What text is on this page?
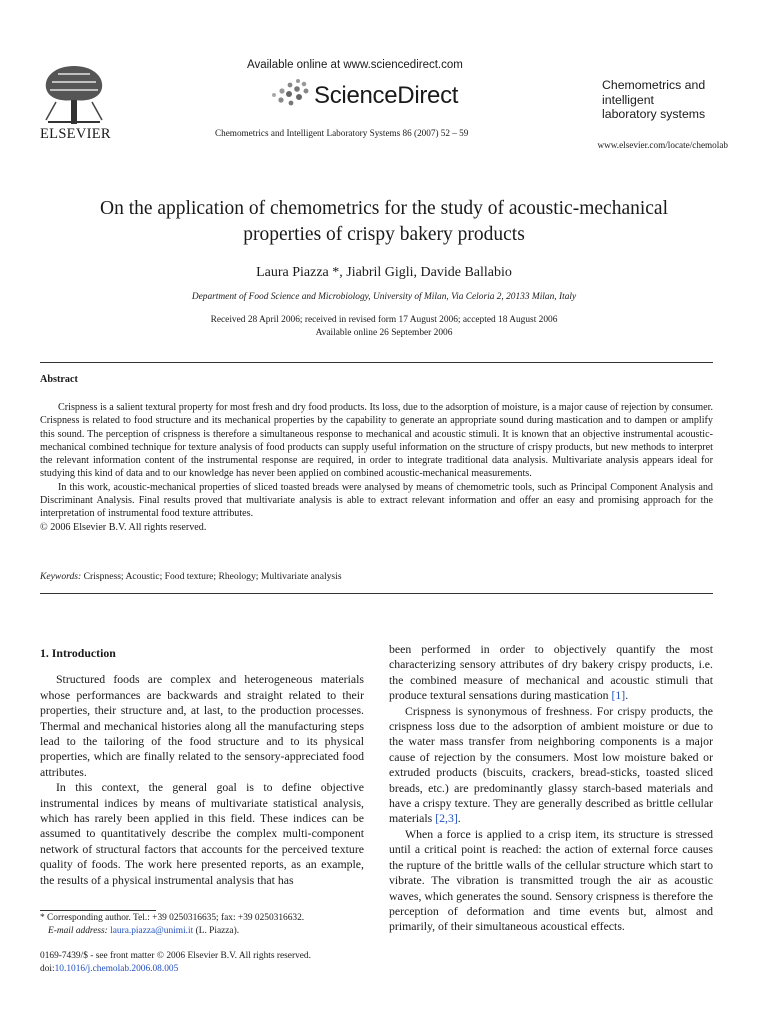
ELSEVIER
Available online at www.sciencedirect.com
ScienceDirect
Chemometrics and Intelligent Laboratory Systems 86 (2007) 52 – 59
Chemometrics and
intelligent
laboratory systems
www.elsevier.com/locate/chemolab
On the application of chemometrics for the study of acoustic-mechanical
properties of crispy bakery products
Laura Piazza *, Jiabril Gigli, Davide Ballabio
Department of Food Science and Microbiology, University of Milan, Via Celoria 2, 20133 Milan, Italy
Received 28 April 2006; received in revised form 17 August 2006; accepted 18 August 2006
Available online 26 September 2006
Abstract

Crispness is a salient textural property for most fresh and dry food products. Its loss, due to the adsorption of moisture, is a major cause of rejection by consumer. Crispness is related to food structure and its mechanical properties by the capability to generate an appropriate sound during mastication and to dampen or amplify this sound. The perception of crispness is therefore a simultaneous response to mechanical and acoustic stimuli. It is known that an objective instrumental acoustic-mechanical combined technique for texture analysis of food products can supply useful information on the structure of crispy products, but new methods to interpret the relevant information content of the instrumental response are required, in order to integrate traditional data analysis. Multivariate analysis appears ideal for studying this kind of data and to our knowledge has never been applied on combined acoustic-mechanical measurements.

In this work, acoustic-mechanical properties of sliced toasted breads were analysed by means of chemometric tools, such as Principal Component Analysis and Discriminant Analysis. Final results proved that multivariate analysis is able to extract relevant information and offer an easy and promising approach for the interpretation of instrumental food texture attributes.

© 2006 Elsevier B.V. All rights reserved.

Keywords: Crispness; Acoustic; Food texture; Rheology; Multivariate analysis

1. Introduction

Structured foods are complex and heterogeneous materials whose performances are backwards and straight related to their properties, their structure and, at last, to the production processes. Thermal and mechanical histories along all the manufacturing steps lead to the tailoring of the food structure and to its physical properties, which are finally related to the sensory-appreciated food attributes.

In this context, the general goal is to define objective instrumental indices by means of multivariate statistical analysis, which has rarely been applied in this field. These indices can be assumed to quantitatively describe the complex multi-component network of structural factors that accounts for the perceived texture quality of foods. The work here presented reports, as an example, the results of a physical instrumental analysis that has

been performed in order to objectively quantify the most characterizing sensory attributes of dry bakery crispy products, i.e. the combined measure of mechanical and acoustic stimuli that produce textural sensations during mastication [1].

Crispness is synonymous of freshness. For crispy products, the crispness loss due to the adsorption of ambient moisture or due to the water mass transfer from neighboring components is a major cause of rejection by the consumers. Most low moisture baked or extruded products (biscuits, crackers, bread-sticks, toasted sliced breads, etc.) are predominantly glassy starch-based materials and have a crispy texture. They are generally described as brittle cellular materials [2,3].

When a force is applied to a crisp item, its structure is stressed until a critical point is reached: the action of external force causes the rupture of the brittle walls of the cellular structure which start to vibrate. The vibration is transmitted trough the air as acoustic waves, which generates the sound. Sensory crispness is therefore the perception of deformation and time events but, almost and primarily, of their simultaneous acoustical effects.

* Corresponding author. Tel.: +39 0250316635; fax: +39 0250316632.
E-mail address: laura.piazza@unimi.it (L. Piazza).
0169-7439/$ - see front matter © 2006 Elsevier B.V. All rights reserved.
doi:10.1016/j.chemolab.2006.08.005
